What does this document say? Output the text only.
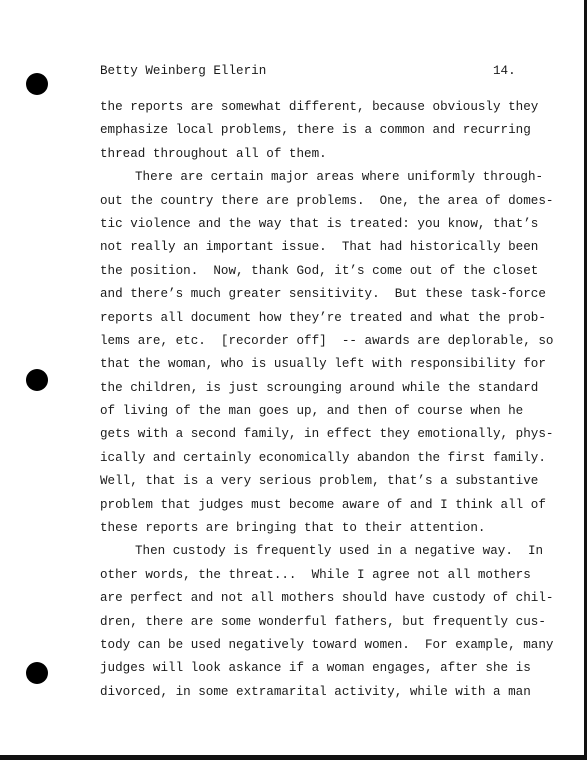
Betty Weinberg Ellerin	14.
the reports are somewhat different, because obviously they
emphasize local problems, there is a common and recurring
thread throughout all of them.
There are certain major areas where uniformly through-
out the country there are problems.  One, the area of domes-
tic violence and the way that is treated: you know, that’s
not really an important issue.  That had historically been
the position.  Now, thank God, it’s come out of the closet
and there’s much greater sensitivity.  But these task-force
reports all document how they’re treated and what the prob-
lems are, etc.  [recorder off]  -- awards are deplorable, so
that the woman, who is usually left with responsibility for
the children, is just scrounging around while the standard
of living of the man goes up, and then of course when he
gets with a second family, in effect they emotionally, phys-
ically and certainly economically abandon the first family.
Well, that is a very serious problem, that’s a substantive
problem that judges must become aware of and I think all of
these reports are bringing that to their attention.
Then custody is frequently used in a negative way.  In
other words, the threat...  While I agree not all mothers
are perfect and not all mothers should have custody of chil-
dren, there are some wonderful fathers, but frequently cus-
tody can be used negatively toward women.  For example, many
judges will look askance if a woman engages, after she is
divorced, in some extramarital activity, while with a man
